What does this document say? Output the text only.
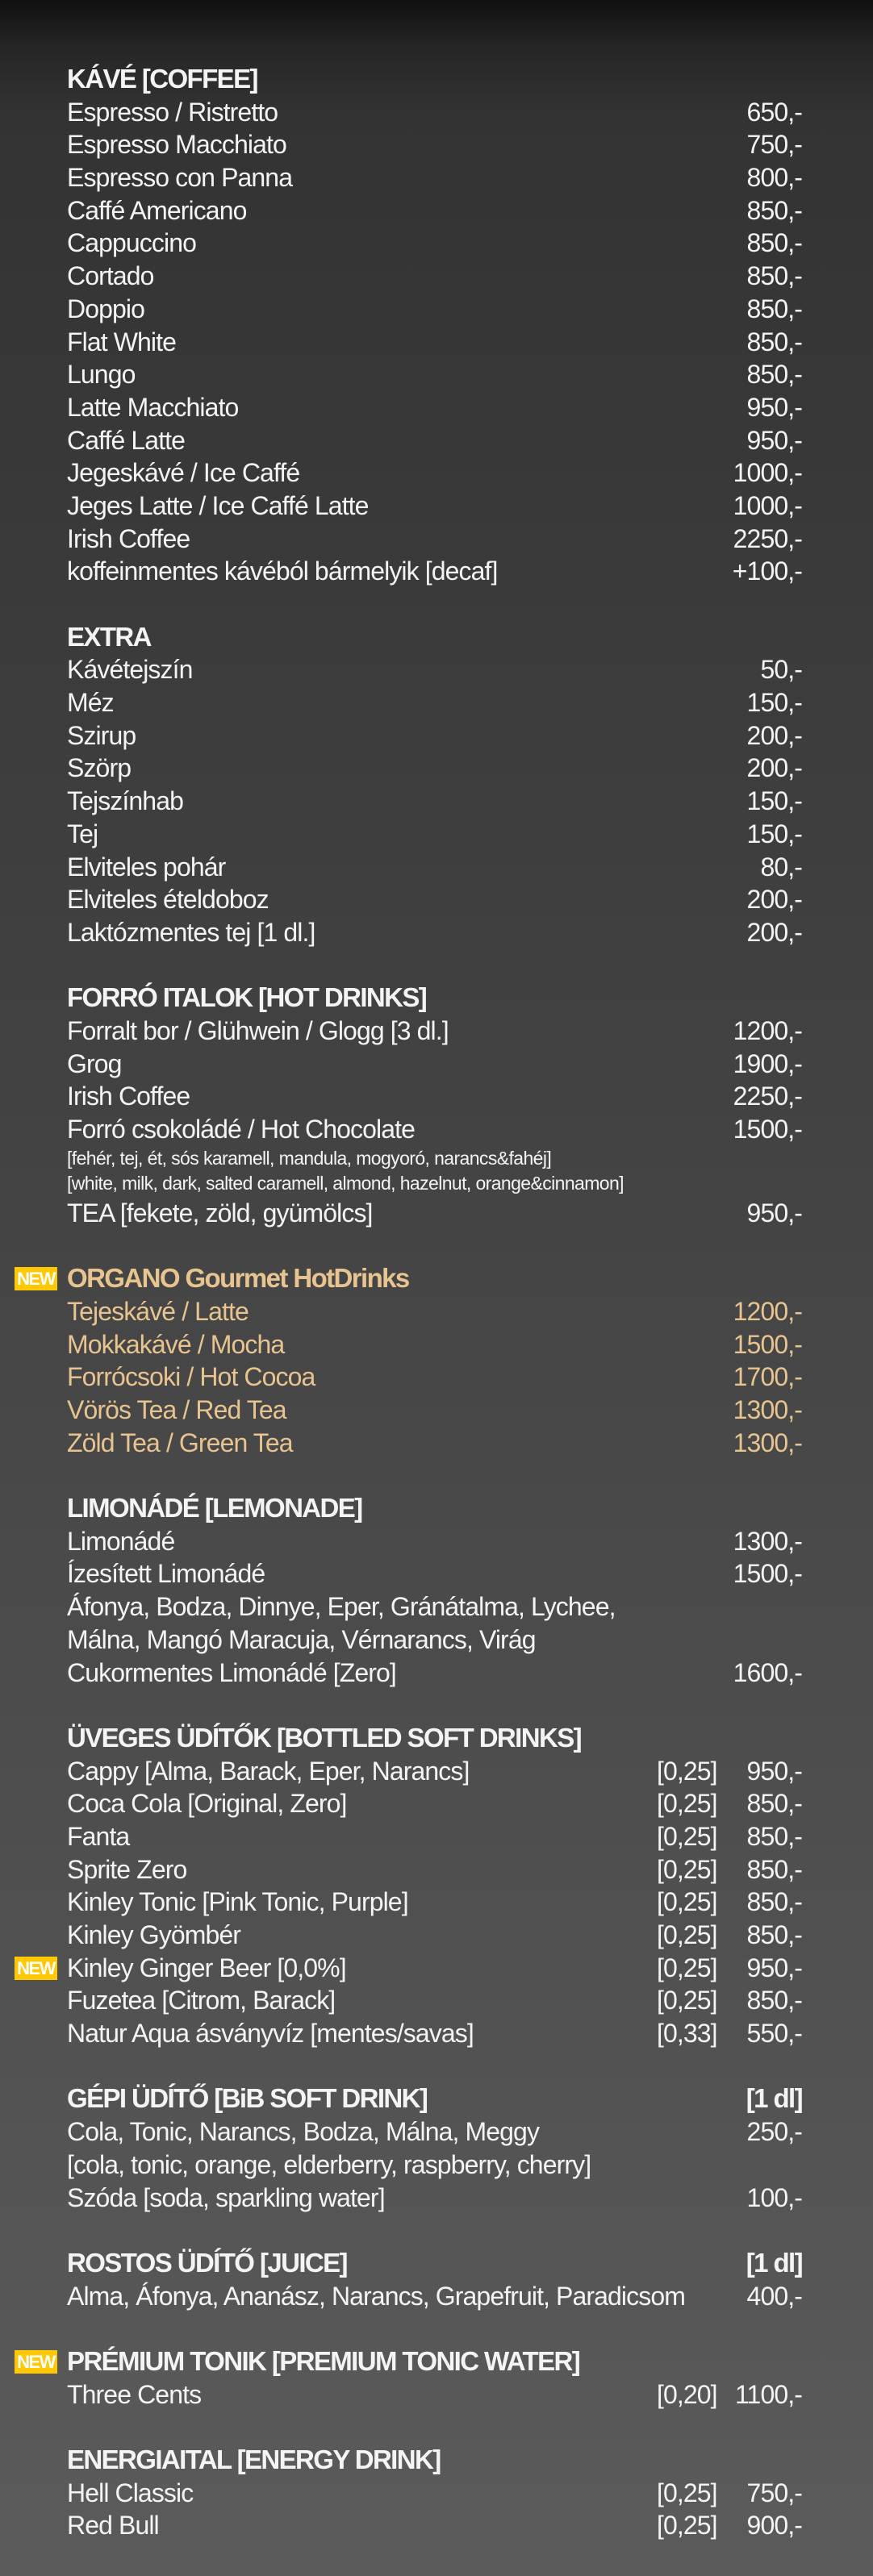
KÁVÉ [COFFEE]
Espresso / Ristretto	650,-
Espresso Macchiato	750,-
Espresso con Panna	800,-
Caffé Americano	850,-
Cappuccino	850,-
Cortado	850,-
Doppio	850,-
Flat White	850,-
Lungo	850,-
Latte Macchiato	950,-
Caffé Latte	950,-
Jegeskávé / Ice Caffé	1000,-
Jeges Latte / Ice Caffé Latte	1000,-
Irish Coffee	2250,-
koffeinmentes kávéból bármelyik [decaf]	+100,-
EXTRA
Kávétejszín	50,-
Méz	150,-
Szirup	200,-
Szörp	200,-
Tejszínhab	150,-
Tej	150,-
Elviteles pohár	80,-
Elviteles ételdoboz	200,-
Laktózmentes tej [1 dl.]	200,-
FORRÓ ITALOK [HOT DRINKS]
Forralt bor / Glühwein / Glogg [3 dl.]	1200,-
Grog	1900,-
Irish Coffee	2250,-
Forró csokoládé / Hot Chocolate	1500,-
[fehér, tej, ét, sós karamell, mandula, mogyoró, narancs&fahéj]
[white, milk, dark, salted caramell, almond, hazelnut, orange&cinnamon]
TEA [fekete, zöld, gyümölcs]	950,-
NEW ORGANO Gourmet HotDrinks
Tejeskávé / Latte	1200,-
Mokkakávé / Mocha	1500,-
Forrócsoki / Hot Cocoa	1700,-
Vörös Tea / Red Tea	1300,-
Zöld Tea / Green Tea	1300,-
LIMONÁDÉ [LEMONADE]
Limonádé	1300,-
Ízesített Limonádé	1500,-
Áfonya, Bodza, Dinnye, Eper, Gránátalma, Lychee,
Málna, Mangó Maracuja, Vérnarancs, Virág
Cukormentes Limonádé [Zero]	1600,-
ÜVEGES ÜDÍTŐK [BOTTLED SOFT DRINKS]
Cappy [Alma, Barack, Eper, Narancs]	[0,25] 950,-
Coca Cola [Original, Zero]	[0,25] 850,-
Fanta	[0,25] 850,-
Sprite Zero	[0,25] 850,-
Kinley Tonic [Pink Tonic, Purple]	[0,25] 850,-
Kinley Gyömbér	[0,25] 850,-
NEW Kinley Ginger Beer [0,0%]	[0,25] 950,-
Fuzetea [Citrom, Barack]	[0,25] 850,-
Natur Aqua ásványvíz [mentes/savas]	[0,33] 550,-
GÉPI ÜDÍTŐ [BiB SOFT DRINK]	[1 dl]
Cola, Tonic, Narancs, Bodza, Málna, Meggy	250,-
[cola, tonic, orange, elderberry, raspberry, cherry]
Szóda [soda, sparkling water]	100,-
ROSTOS ÜDÍTŐ [JUICE]	[1 dl]
Alma, Áfonya, Ananász, Narancs, Grapefruit, Paradicsom 400,-
NEW PRÉMIUM TONIK [PREMIUM TONIC WATER]
Three Cents	[0,20] 1100,-
ENERGIAITAL [ENERGY DRINK]
Hell Classic	[0,25] 750,-
Red Bull	[0,25] 900,-
